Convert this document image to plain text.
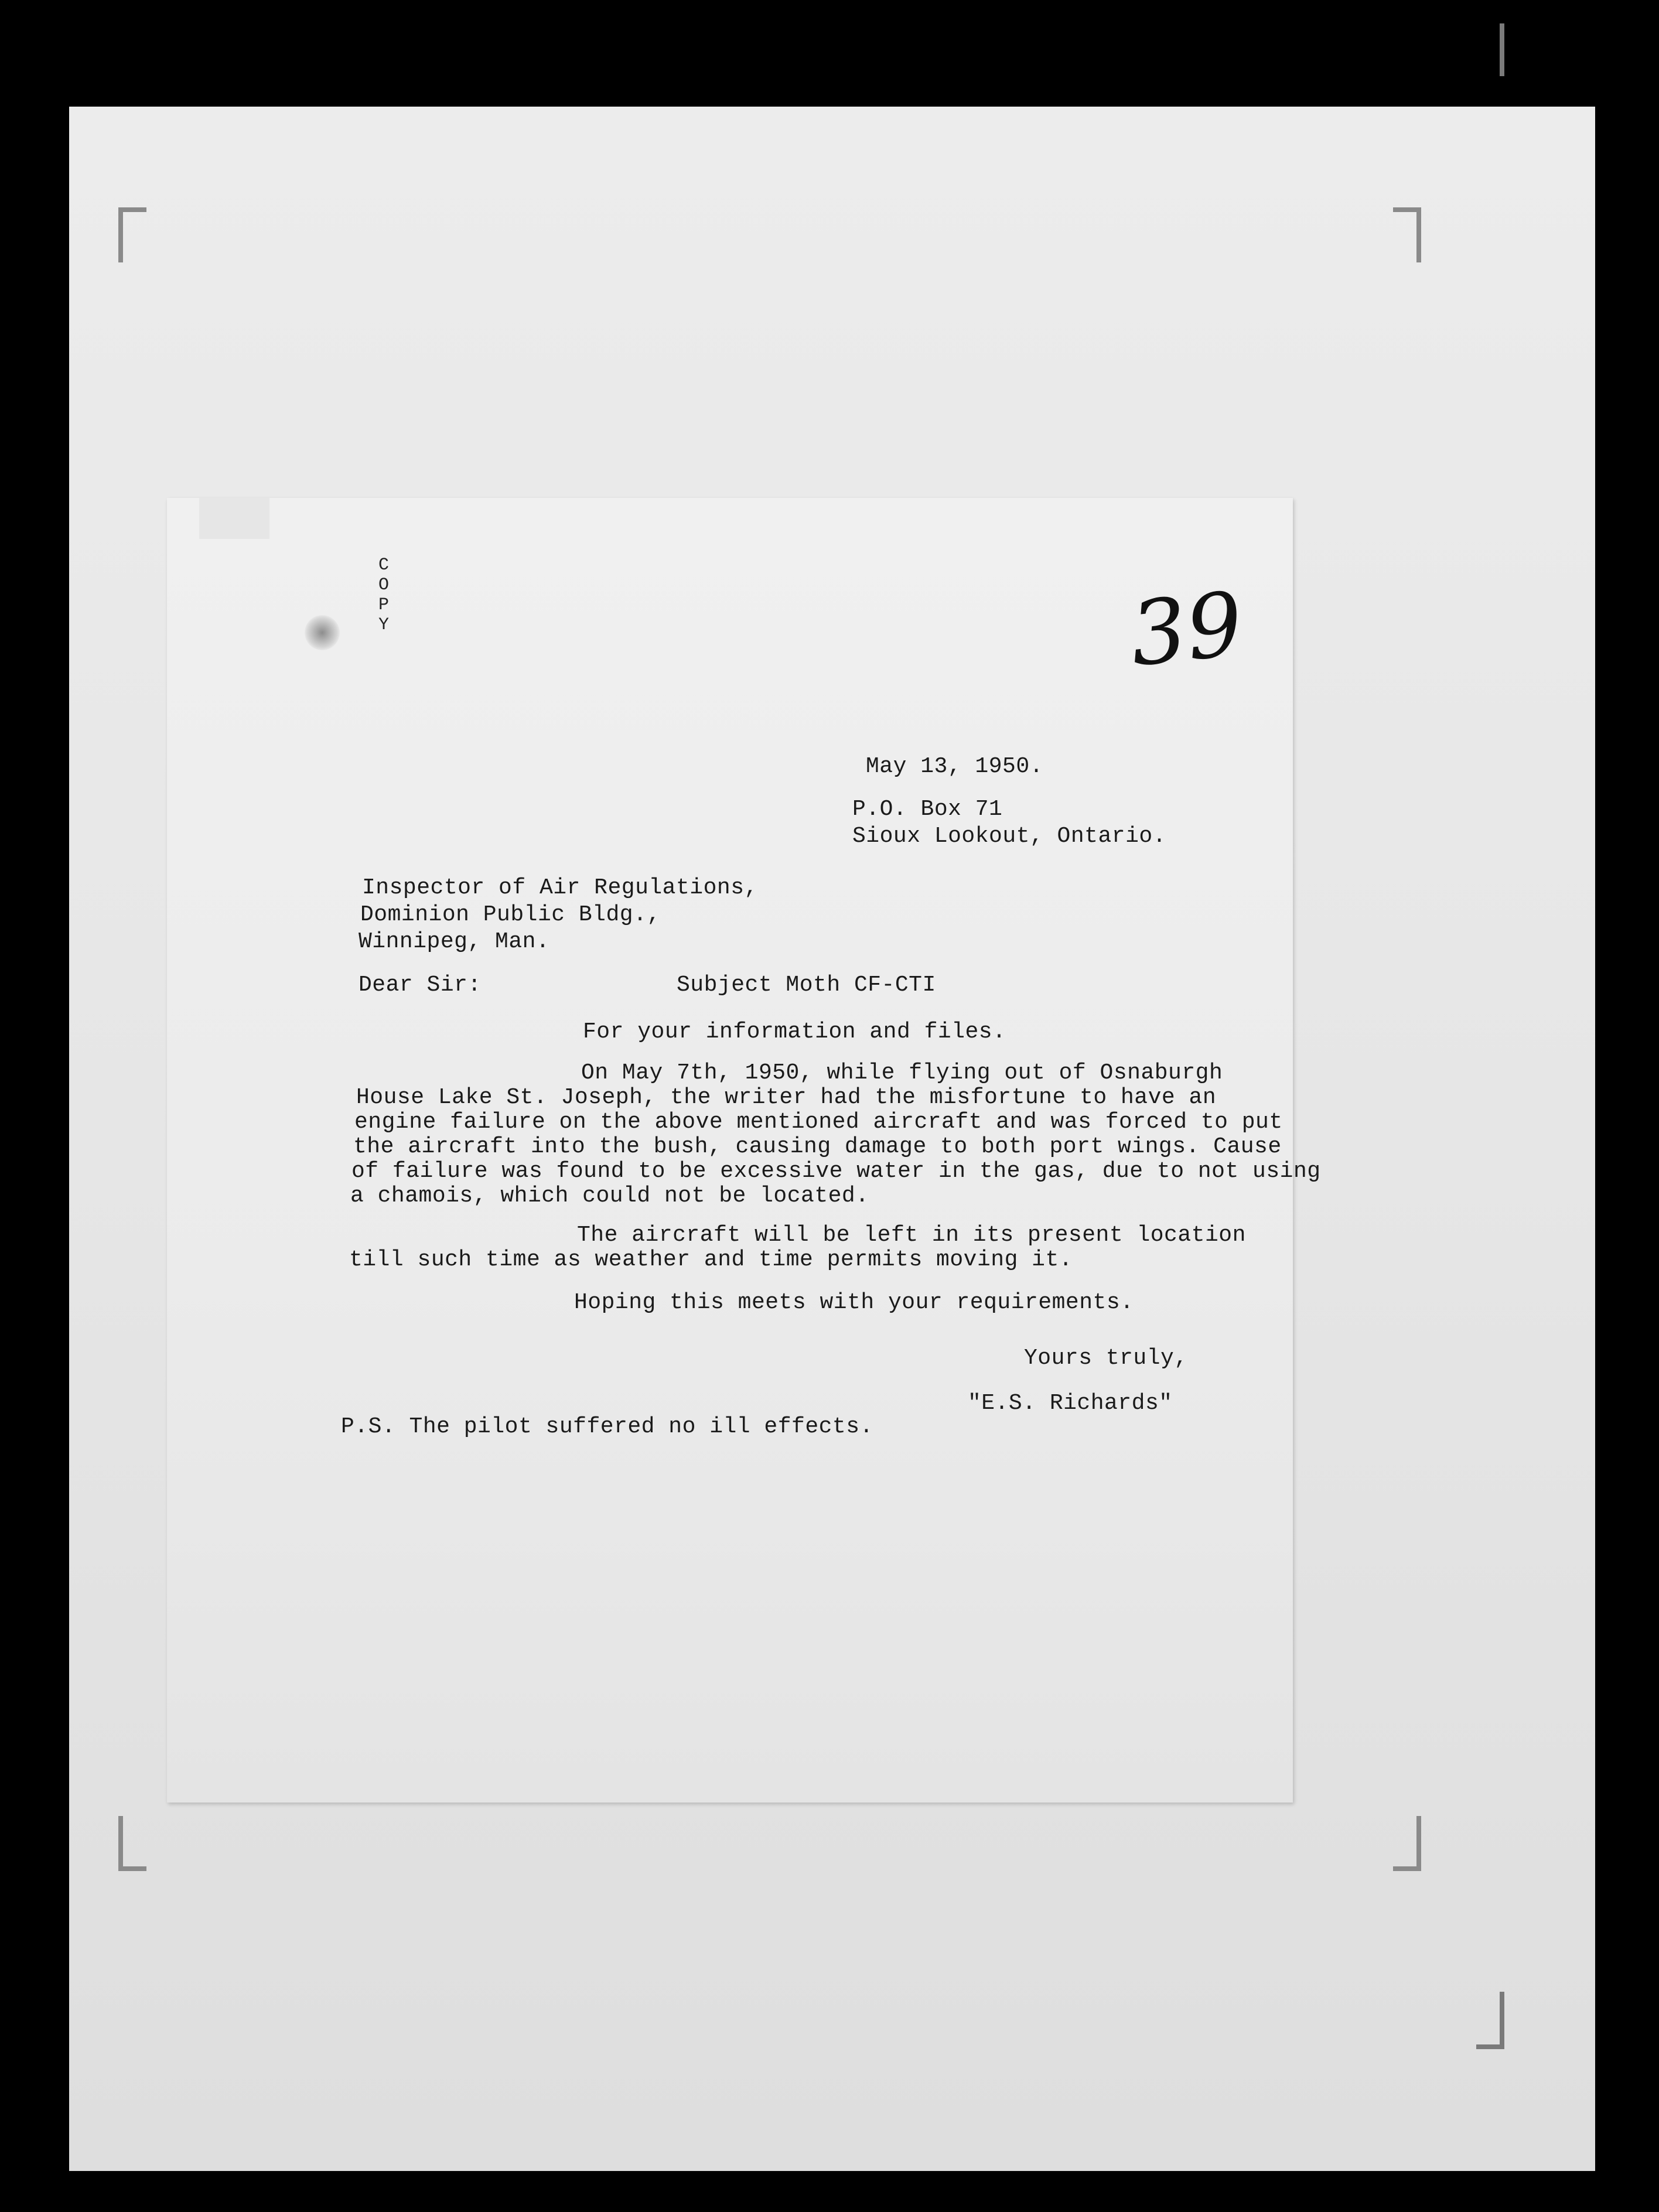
C
O
P
Y	39
May 13, 1950.
P.O. Box 71
Sioux Lookout, Ontario.
Inspector of Air Regulations,
Dominion Public Bldg.,
Winnipeg, Man.
Dear Sir:	Subject Moth CF-CTI
For your information and files.
On May 7th, 1950, while flying out of Osnaburgh
House Lake St. Joseph, the writer had the misfortune to have an
engine failure on the above mentioned aircraft and was forced to put
the aircraft into the bush, causing damage to both port wings. Cause
of failure was found to be excessive water in the gas, due to not using
a chamois, which could not be located.
The aircraft will be left in its present location
till such time as weather and time permits moving it.
Hoping this meets with your requirements.
Yours truly,
"E.S. Richards"
P.S. The pilot suffered no ill effects.
